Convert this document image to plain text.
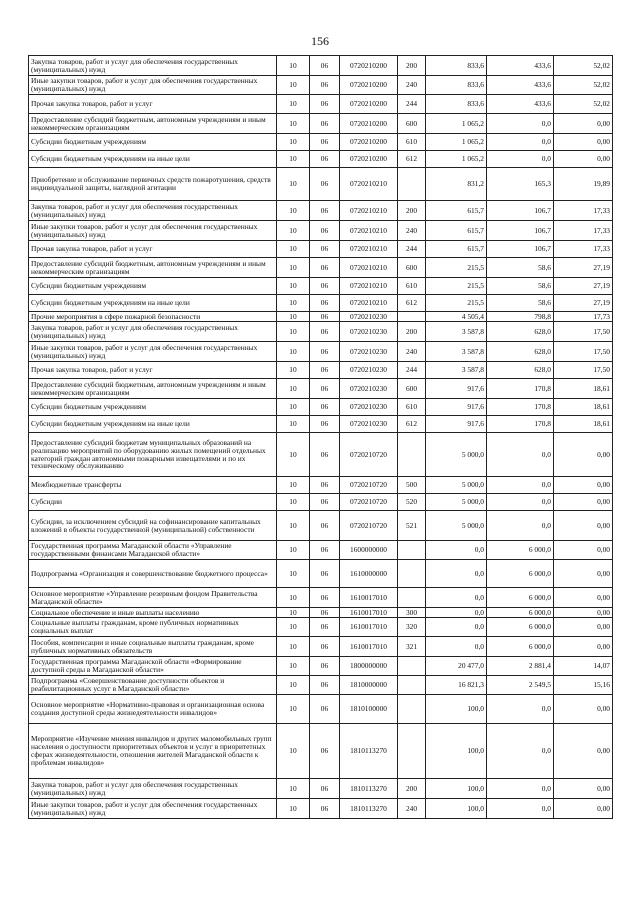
156
Закупка товаров, работ и услуг для обеспечения государственных (муниципальных) нужд	10	06	0720210200	200	833,6	433,6	52,02
Иные закупки товаров, работ и услуг для обеспечения государственных (муниципальных) нужд	10	06	0720210200	240	833,6	433,6	52,02
Прочая закупка товаров, работ и услуг	10	06	0720210200	244	833,6	433,6	52,02
Предоставление субсидий бюджетным, автономным учреждениям и иным некоммерческим организациям	10	06	0720210200	600	1 065,2	0,0	0,00
Субсидии бюджетным учреждениям	10	06	0720210200	610	1 065,2	0,0	0,00
Субсидии бюджетным учреждениям на иные цели	10	06	0720210200	612	1 065,2	0,0	0,00
Приобретение и обслуживание первичных средств пожаротушения, средств индивидуальной защиты, наглядной агитации	10	06	0720210210		831,2	165,3	19,89
Закупка товаров, работ и услуг для обеспечения государственных (муниципальных) нужд	10	06	0720210210	200	615,7	106,7	17,33
Иные закупки товаров, работ и услуг для обеспечения государственных (муниципальных) нужд	10	06	0720210210	240	615,7	106,7	17,33
Прочая закупка товаров, работ и услуг	10	06	0720210210	244	615,7	106,7	17,33
Предоставление субсидий бюджетным, автономным учреждениям и иным некоммерческим организациям	10	06	0720210210	600	215,5	58,6	27,19
Субсидии бюджетным учреждениям	10	06	0720210210	610	215,5	58,6	27,19
Субсидии бюджетным учреждениям на иные цели	10	06	0720210210	612	215,5	58,6	27,19
Прочие мероприятия в сфере пожарной безопасности	10	06	0720210230		4 505,4	798,8	17,73
Закупка товаров, работ и услуг для обеспечения государственных (муниципальных) нужд	10	06	0720210230	200	3 587,8	628,0	17,50
Иные закупки товаров, работ и услуг для обеспечения государственных (муниципальных) нужд	10	06	0720210230	240	3 587,8	628,0	17,50
Прочая закупка товаров, работ и услуг	10	06	0720210230	244	3 587,8	628,0	17,50
Предоставление субсидий бюджетным, автономным учреждениям и иным некоммерческим организациям	10	06	0720210230	600	917,6	170,8	18,61
Субсидии бюджетным учреждениям	10	06	0720210230	610	917,6	170,8	18,61
Субсидии бюджетным учреждениям на иные цели	10	06	0720210230	612	917,6	170,8	18,61
Предоставление субсидий бюджетам муниципальных образований на реализацию мероприятий по оборудованию жилых помещений отдельных категорий граждан автономными пожарными извещателями и по их техническому обслуживанию	10	06	0720210720		5 000,0	0,0	0,00
Межбюджетные трансферты	10	06	0720210720	500	5 000,0	0,0	0,00
Субсидии	10	06	0720210720	520	5 000,0	0,0	0,00
Субсидии, за исключением субсидий на софинансирование капитальных вложений в объекты государственной (муниципальной) собственности	10	06	0720210720	521	5 000,0	0,0	0,00
Государственная программа Магаданской области «Управление государственными финансами Магаданской области»	10	06	1600000000		0,0	6 000,0	0,00
Подпрограмма «Организация и совершенствование бюджетного процесса»	10	06	1610000000		0,0	6 000,0	0,00
Основное мероприятие «Управление резервным фондом Правительства Магаданской области»	10	06	1610017010		0,0	6 000,0	0,00
Социальное обеспечение и иные выплаты населению	10	06	1610017010	300	0,0	6 000,0	0,00
Социальные выплаты гражданам, кроме публичных нормативных социальных выплат	10	06	1610017010	320	0,0	6 000,0	0,00
Пособия, компенсации и иные социальные выплаты гражданам, кроме публичных нормативных обязательств	10	06	1610017010	321	0,0	6 000,0	0,00
Государственная программа Магаданской области «Формирование доступной среды в Магаданской области»	10	06	1800000000		20 477,0	2 881,4	14,07
Подпрограмма «Совершенствование доступности объектов и реабилитационных услуг в Магаданской области»	10	06	1810000000		16 821,3	2 549,5	15,16
Основное мероприятие «Нормативно-правовая и организационная основа создания доступной среды жизнедеятельности инвалидов»	10	06	1810100000		100,0	0,0	0,00
Мероприятие «Изучение мнения инвалидов и других маломобильных групп населения о доступности приоритетных объектов и услуг в приоритетных сферах жизнедеятельности, отношения жителей Магаданской области к проблемам инвалидов»	10	06	1810113270		100,0	0,0	0,00
Закупка товаров, работ и услуг для обеспечения государственных (муниципальных) нужд	10	06	1810113270	200	100,0	0,0	0,00
Иные закупки товаров, работ и услуг для обеспечения государственных (муниципальных) нужд	10	06	1810113270	240	100,0	0,0	0,00
